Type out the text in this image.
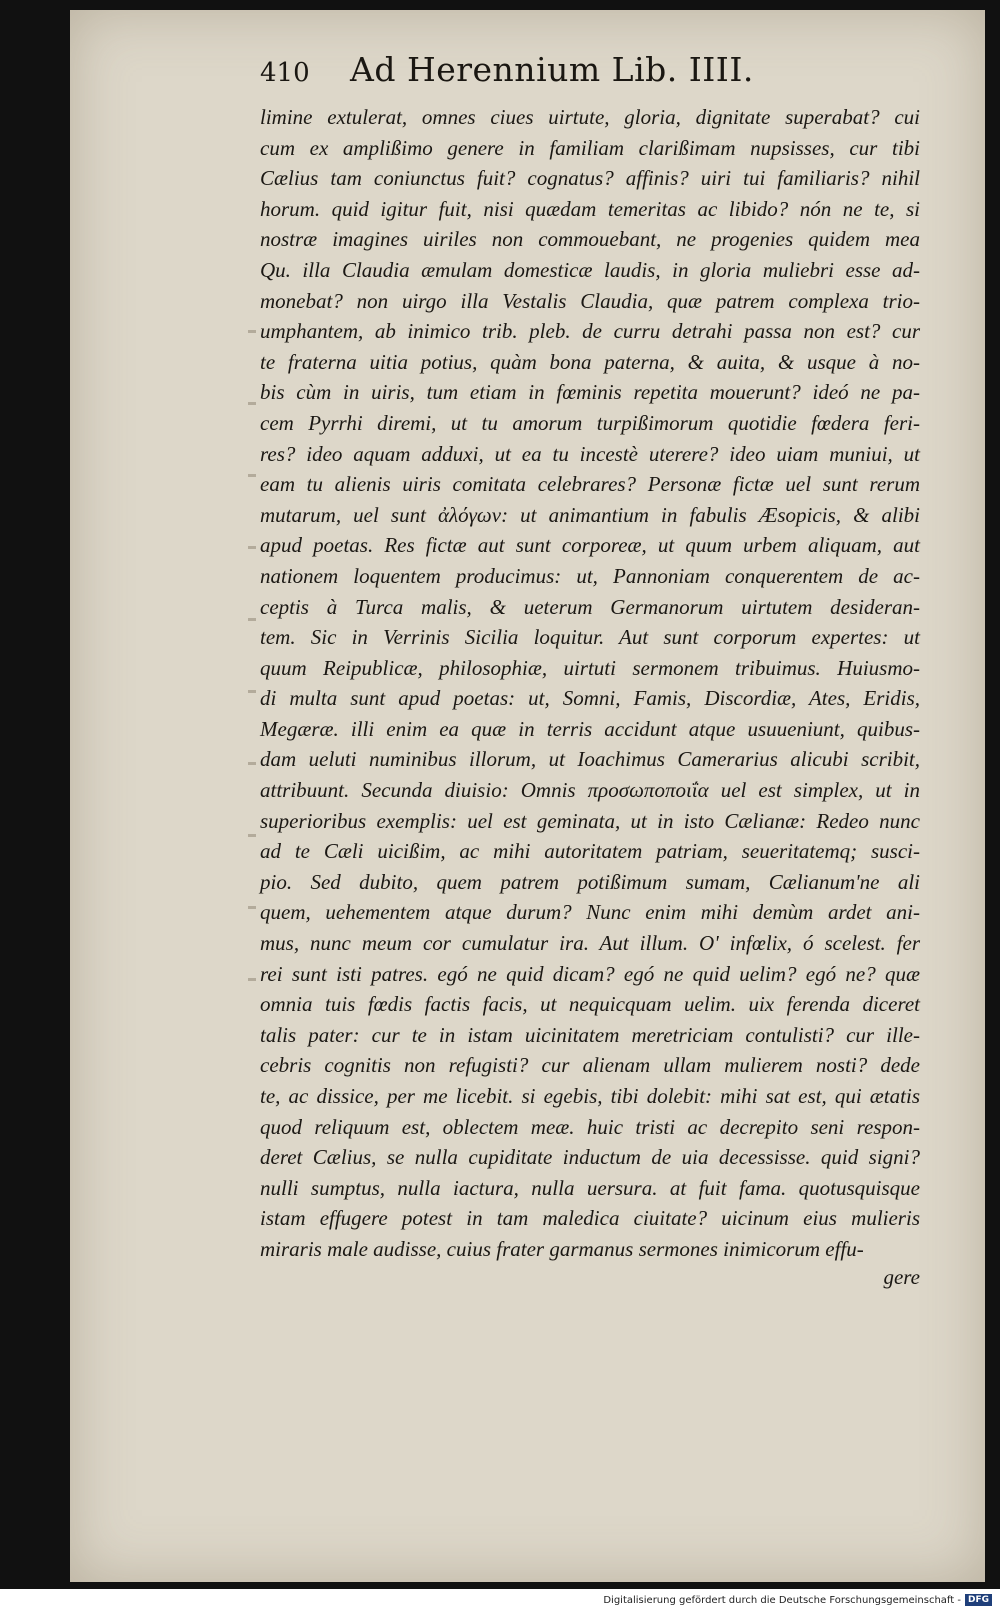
410	Ad Herennium Lib. IIII.
limine extulerat, omnes ciues uirtute, gloria, dignitate superabat? cui
cum ex amplißimo genere in familiam clarißimam nupsisses, cur tibi
Cælius tam coniunctus fuit? cognatus? affinis? uiri tui familiaris? nihil
horum. quid igitur fuit, nisi quædam temeritas ac libido? nón ne te, si
nostræ imagines uiriles non commouebant, ne progenies quidem mea
Qu. illa Claudia æmulam domesticæ laudis, in gloria muliebri esse ad-
monebat? non uirgo illa Vestalis Claudia, quæ patrem complexa trio-
umphantem, ab inimico trib. pleb. de curru detrahi passa non est? cur
te fraterna uitia potius, quàm bona paterna, & auita, & usque à no-
bis cùm in uiris, tum etiam in fœminis repetita mouerunt? ideó ne pa-
cem Pyrrhi diremi, ut tu amorum turpißimorum quotidie fœdera feri-
res? ideo aquam adduxi, ut ea tu incestè uterere? ideo uiam muniui, ut
eam tu alienis uiris comitata celebrares? Personæ fictæ uel sunt rerum
mutarum, uel sunt ἀλόγων: ut animantium in fabulis Æsopicis, & alibi
apud poetas. Res fictæ aut sunt corporeæ, ut quum urbem aliquam, aut
nationem loquentem producimus: ut, Pannoniam conquerentem de ac-
ceptis à Turca malis, & ueterum Germanorum uirtutem desideran-
tem. Sic in Verrinis Sicilia loquitur. Aut sunt corporum expertes: ut
quum Reipublicæ, philosophiæ, uirtuti sermonem tribuimus. Huiusmo-
di multa sunt apud poetas: ut, Somni, Famis, Discordiæ, Ates, Eridis,
Megæræ. illi enim ea quæ in terris accidunt atque usuueniunt, quibus-
dam ueluti numinibus illorum, ut Ioachimus Camerarius alicubi scribit,
attribuunt. Secunda diuisio: Omnis προσωποποιΐα uel est simplex, ut in
superioribus exemplis: uel est geminata, ut in isto Cælianæ: Redeo nunc
ad te Cæli uicißim, ac mihi autoritatem patriam, seueritatemq; susci-
pio. Sed dubito, quem patrem potißimum sumam, Cælianum'ne ali
quem, uehementem atque durum? Nunc enim mihi demùm ardet ani-
mus, nunc meum cor cumulatur ira. Aut illum. O' infœlix, ó scelest. fer
rei sunt isti patres. egó ne quid dicam? egó ne quid uelim? egó ne? quæ
omnia tuis fœdis factis facis, ut nequicquam uelim. uix ferenda diceret
talis pater: cur te in istam uicinitatem meretriciam contulisti? cur ille-
cebris cognitis non refugisti? cur alienam ullam mulierem nosti? dede
te, ac dissice, per me licebit. si egebis, tibi dolebit: mihi sat est, qui ætatis
quod reliquum est, oblectem meæ. huic tristi ac decrepito seni respon-
deret Cælius, se nulla cupiditate inductum de uia decessisse. quid signi?
nulli sumptus, nulla iactura, nulla uersura. at fuit fama. quotusquisque
istam effugere potest in tam maledica ciuitate? uicinum eius mulieris
miraris male audisse, cuius frater garmanus sermones inimicorum effu-
gere
Digitalisierung gefördert durch die Deutsche Forschungsgemeinschaft - DFG
